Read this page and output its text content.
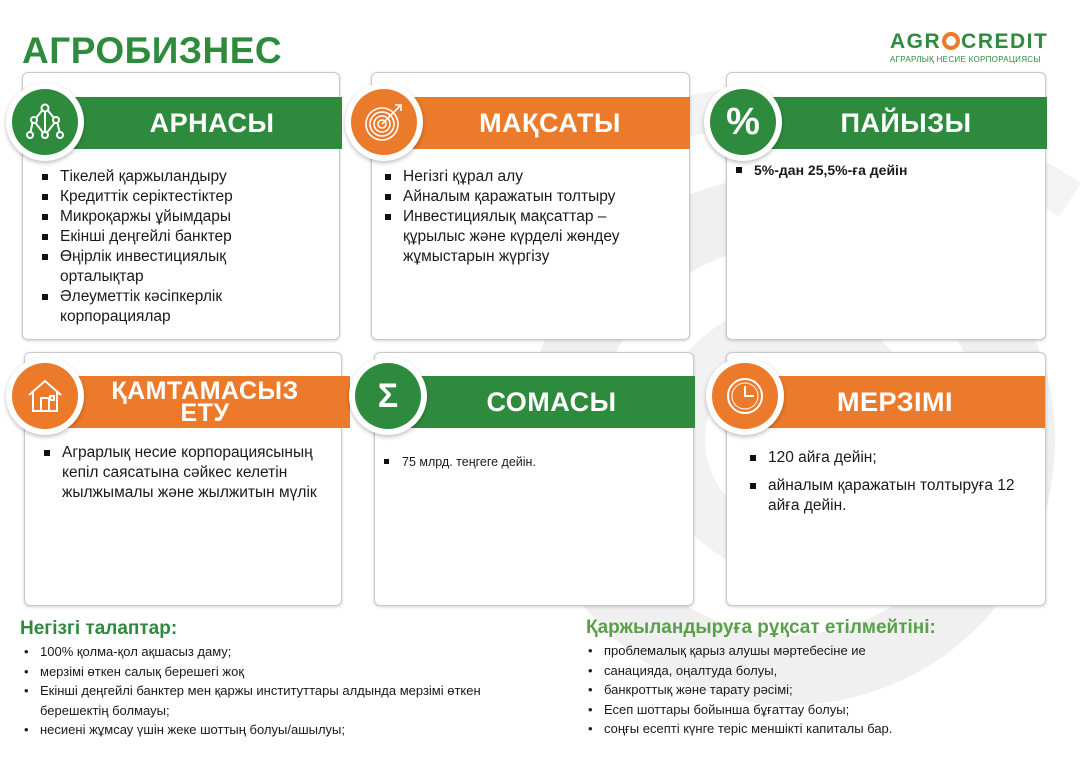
АГРОБИЗНЕС	AGR CREDIT
АГРАРЛЫҚ НЕСИЕ КОРПОРАЦИЯСЫ
АРНАСЫ
Тікелей қаржыландыру
Кредиттік серіктестіктер
Микроқаржы ұйымдары
Екінші деңгейлі банктер
Өңірлік инвестициялық орталықтар
Әлеуметтік кәсіпкерлік корпорациялар
МАҚСАТЫ
Негізгі құрал алу
Айналым қаражатын толтыру
Инвестициялық мақсаттар – құрылыс және күрделі жөндеу жұмыстарын жүргізу
ПАЙЫЗЫ
%
5%-дан 25,5%-ға дейін
ҚАМТАМАСЫЗ
ЕТУ
Аграрлық несие корпорациясының кепіл саясатына сәйкес келетін жылжымалы және жылжитын мүлік
СОМАСЫ
Σ
75 млрд. теңгеге дейін.
МЕРЗІМІ
120 айға дейін;
айналым қаражатын толтыруға 12 айға дейін.
Негізгі талаптар:
• 100% қолма-қол ақшасыз даму;
• мерзімі өткен салық берешегі жоқ
• Екінші деңгейлі банктер мен қаржы институттары алдында мерзімі өткен берешектің болмауы;
• несиені жұмсау үшін жеке шоттың болуы/ашылуы;
Қаржыландыруға рұқсат етілмейтіні:
• проблемалық қарыз алушы мәртебесіне ие
• санацияда, оңалтуда болуы,
• банкроттық және тарату рәсімі;
• Есеп шоттары бойынша бұғаттау болуы;
• соңғы есепті күнге теріс меншікті капиталы бар.
